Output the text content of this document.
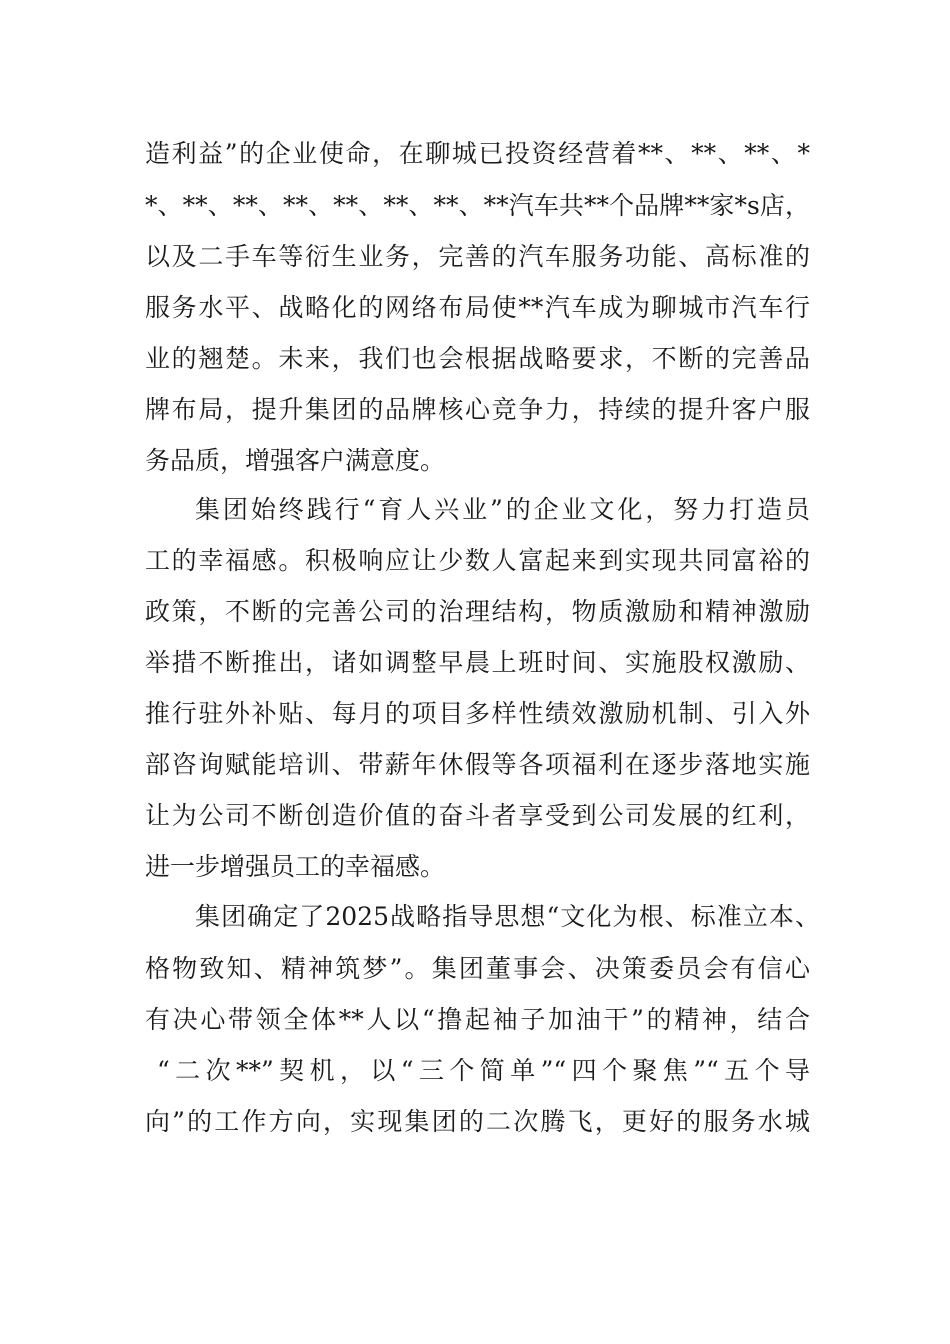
造利益”的企业使命，在聊城已投资经营着**、**、**、*
*、**、**、**、**、**、**、**汽车共**个品牌**家*s店，
以及二手车等衍生业务，完善的汽车服务功能、高标准的
服务水平、战略化的网络布局使**汽车成为聊城市汽车行
业的翘楚。未来，我们也会根据战略要求，不断的完善品
牌布局，提升集团的品牌核心竞争力，持续的提升客户服
务品质，增强客户满意度。
集团始终践行“育人兴业”的企业文化，努力打造员
工的幸福感。积极响应让少数人富起来到实现共同富裕的
政策，不断的完善公司的治理结构，物质激励和精神激励
举措不断推出，诸如调整早晨上班时间、实施股权激励、
推行驻外补贴、每月的项目多样性绩效激励机制、引入外
部咨询赋能培训、带薪年休假等各项福利在逐步落地实施
让为公司不断创造价值的奋斗者享受到公司发展的红利，
进一步增强员工的幸福感。
集团确定了2025战略指导思想“文化为根、标准立本、
格物致知、精神筑梦”。集团董事会、决策委员会有信心
有决心带领全体**人以“撸起袖子加油干”的精神，结合
“二次**”契机，以“三个简单”“四个聚焦”“五个导
向”的工作方向，实现集团的二次腾飞，更好的服务水城
